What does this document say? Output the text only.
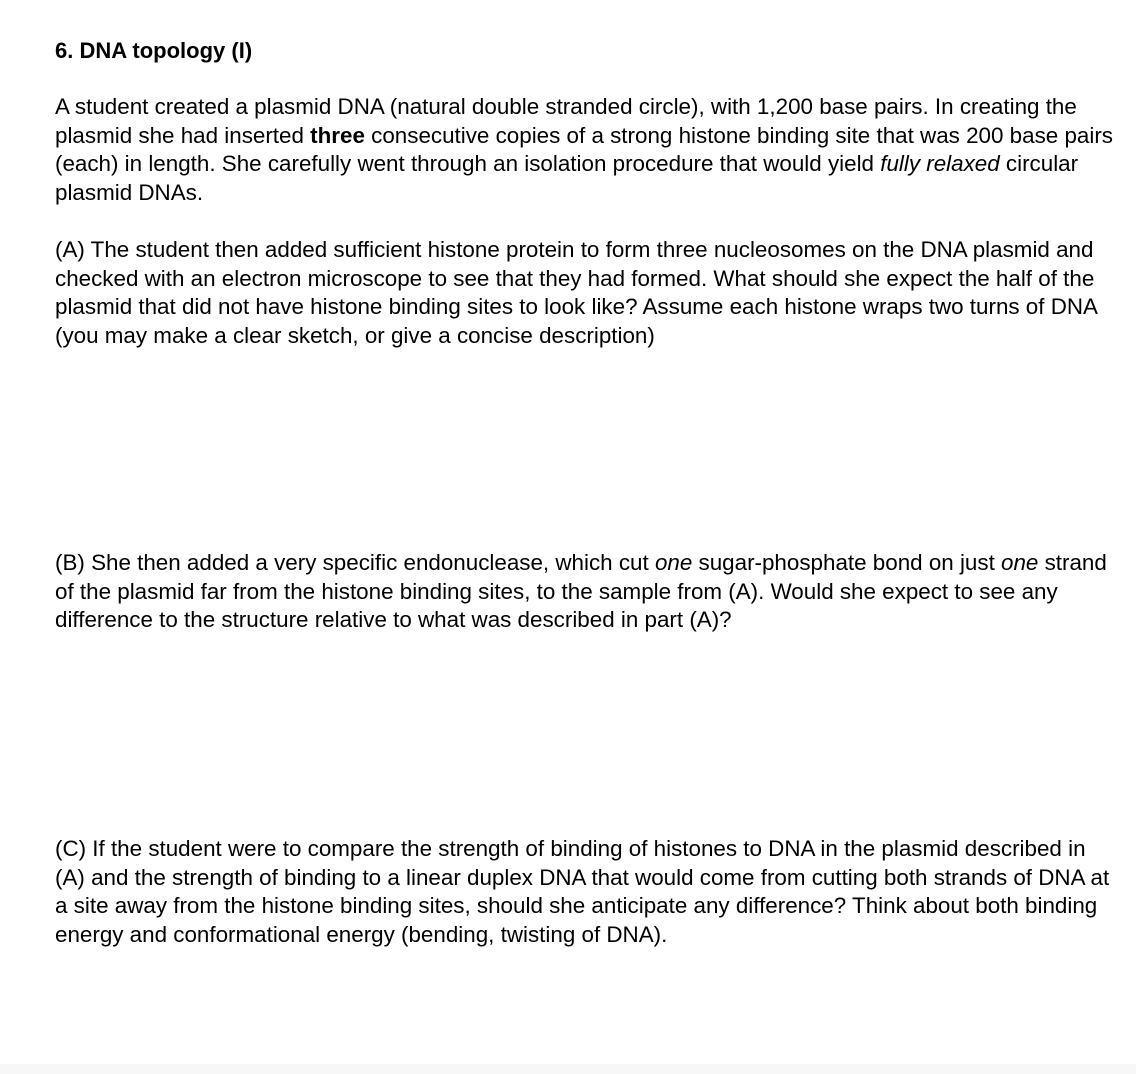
6. DNA topology (I)

A student created a plasmid DNA (natural double stranded circle), with 1,200 base pairs. In creating the plasmid she had inserted three consecutive copies of a strong histone binding site that was 200 base pairs (each) in length. She carefully went through an isolation procedure that would yield fully relaxed circular plasmid DNAs.

(A) The student then added sufficient histone protein to form three nucleosomes on the DNA plasmid and checked with an electron microscope to see that they had formed. What should she expect the half of the plasmid that did not have histone binding sites to look like? Assume each histone wraps two turns of DNA (you may make a clear sketch, or give a concise description)

(B) She then added a very specific endonuclease, which cut one sugar-phosphate bond on just one strand of the plasmid far from the histone binding sites, to the sample from (A). Would she expect to see any difference to the structure relative to what was described in part (A)?

(C) If the student were to compare the strength of binding of histones to DNA in the plasmid described in (A) and the strength of binding to a linear duplex DNA that would come from cutting both strands of DNA at a site away from the histone binding sites, should she anticipate any difference? Think about both binding energy and conformational energy (bending, twisting of DNA).
